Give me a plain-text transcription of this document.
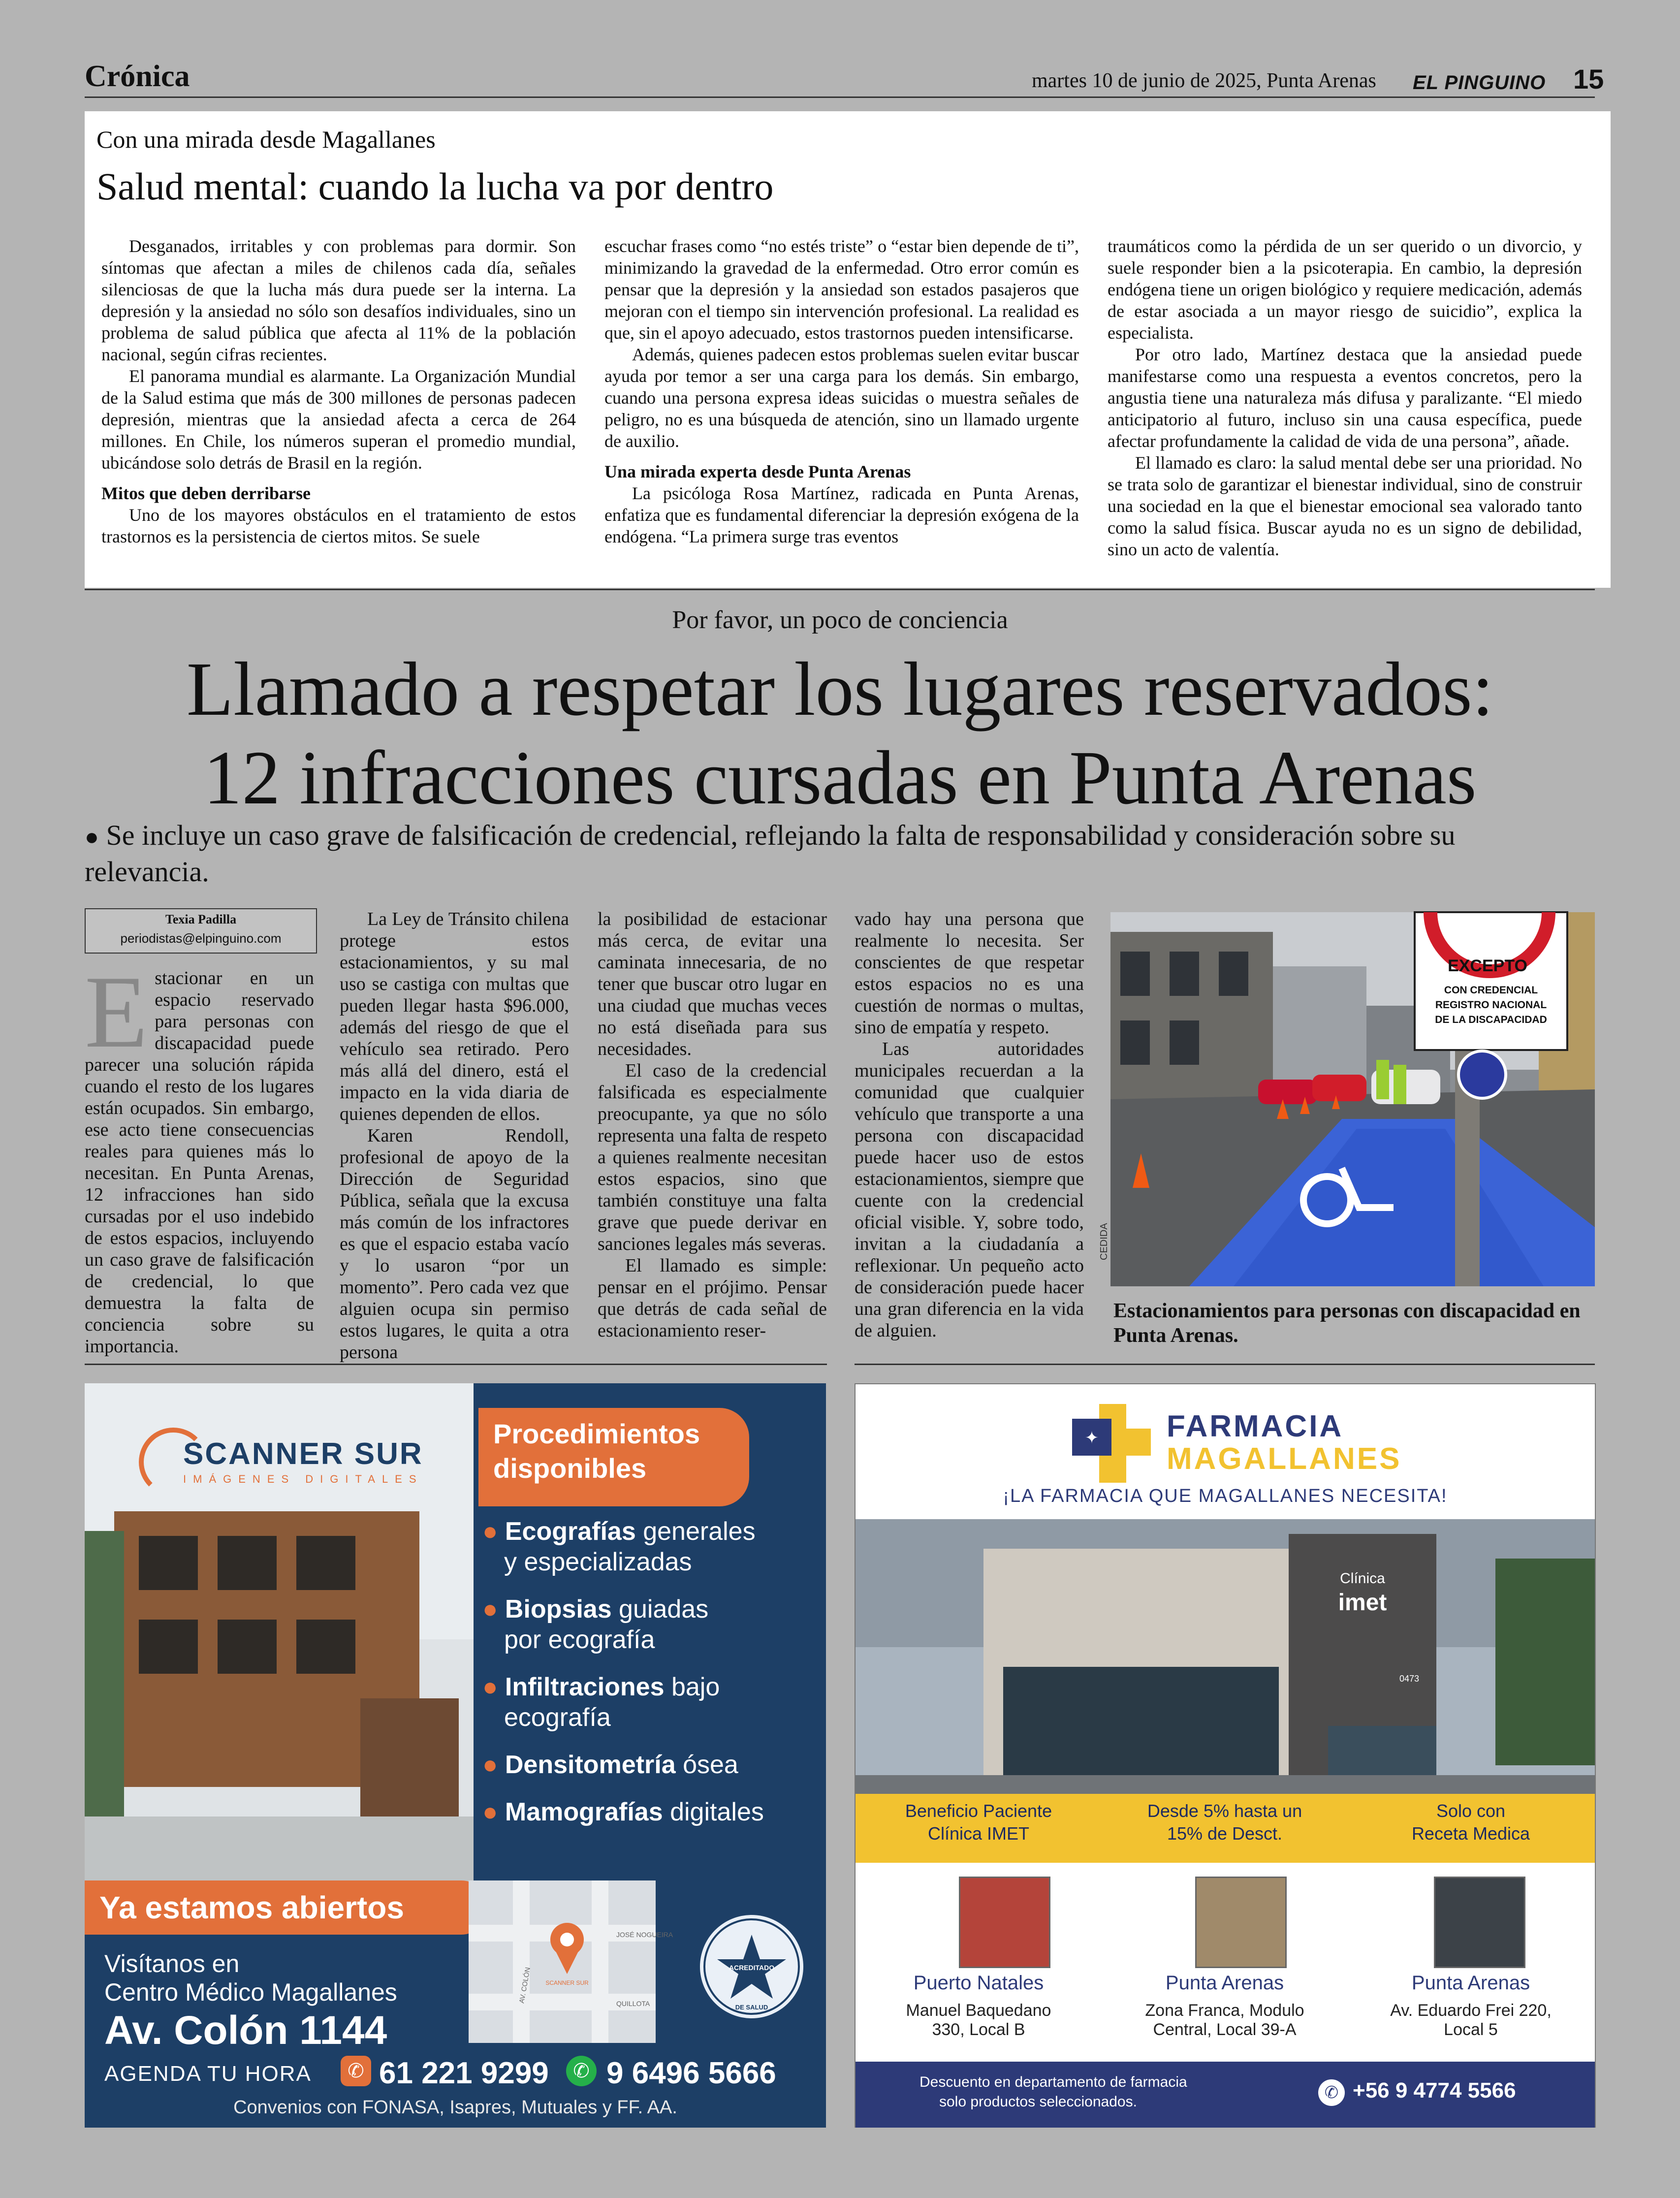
Crónica	martes 10 de junio de 2025, Punta Arenas EL PINGUINO 15
Con una mirada desde Magallanes
Salud mental: cuando la lucha va por dentro

Desganados, irritables y con problemas para dormir. Son síntomas que afectan a miles de chilenos cada día, señales silenciosas de que la lucha más dura puede ser la interna. La depresión y la ansiedad no sólo son desafíos individuales, sino un problema de salud pública que afecta al 11% de la población nacional, según cifras recientes.

El panorama mundial es alarmante. La Organización Mundial de la Salud estima que más de 300 millones de personas padecen depresión, mientras que la ansiedad afecta a cerca de 264 millones. En Chile, los números superan el promedio mundial, ubicándose solo detrás de Brasil en la región.

Mitos que deben derribarse

Uno de los mayores obstáculos en el tratamiento de estos trastornos es la persistencia de ciertos mitos. Se suele

escuchar frases como “no estés triste” o “estar bien depende de ti”, minimizando la gravedad de la enfermedad. Otro error común es pensar que la depresión y la ansiedad son estados pasajeros que mejoran con el tiempo sin intervención profesional. La realidad es que, sin el apoyo adecuado, estos trastornos pueden intensificarse.

Además, quienes padecen estos problemas suelen evitar buscar ayuda por temor a ser una carga para los demás. Sin embargo, cuando una persona expresa ideas suicidas o muestra señales de peligro, no es una búsqueda de atención, sino un llamado urgente de auxilio.

Una mirada experta desde Punta Arenas

La psicóloga Rosa Martínez, radicada en Punta Arenas, enfatiza que es fundamental diferenciar la depresión exógena de la endógena. “La primera surge tras eventos

traumáticos como la pérdida de un ser querido o un divorcio, y suele responder bien a la psicoterapia. En cambio, la depresión endógena tiene un origen biológico y requiere medicación, además de estar asociada a un mayor riesgo de suicidio”, explica la especialista.

Por otro lado, Martínez destaca que la ansiedad puede manifestarse como una respuesta a eventos concretos, pero la angustia tiene una naturaleza más difusa y paralizante. “El miedo anticipatorio al futuro, incluso sin una causa específica, puede afectar profundamente la calidad de vida de una persona”, añade.

El llamado es claro: la salud mental debe ser una prioridad. No se trata solo de garantizar el bienestar individual, sino de construir una sociedad en la que el bienestar emocional sea valorado tanto como la salud física. Buscar ayuda no es un signo de debilidad, sino un acto de valentía.

Por favor, un poco de conciencia
Llamado a respetar los lugares reservados:
12 infracciones cursadas en Punta Arenas
● Se incluye un caso grave de falsificación de credencial, reflejando la falta de responsabilidad y consideración sobre su relevancia.
Texia Padilla
periodistas@elpinguino.com
E stacionar en un espacio reservado para personas con discapacidad puede parecer una solución rápida cuando el resto de los lugares están ocupados. Sin embargo, ese acto tiene consecuencias reales para quienes más lo necesitan. En Punta Arenas, 12 infracciones han sido cursadas por el uso indebido de estos espacios, incluyendo un caso grave de falsificación de credencial, lo que demuestra la falta de conciencia sobre su importancia.

La Ley de Tránsito chilena protege estos estacionamientos, y su mal uso se castiga con multas que pueden llegar hasta $96.000, además del riesgo de que el vehículo sea retirado. Pero más allá del dinero, está el impacto en la vida diaria de quienes dependen de ellos.

Karen Rendoll, profesional de apoyo de la Dirección de Seguridad Pública, señala que la excusa más común de los infractores es que el espacio estaba vacío y lo usaron “por un momento”. Pero cada vez que alguien ocupa sin permiso estos lugares, le quita a otra persona

la posibilidad de estacionar más cerca, de evitar una caminata innecesaria, de no tener que buscar otro lugar en una ciudad que muchas veces no está diseñada para sus necesidades.

El caso de la credencial falsificada es especialmente preocupante, ya que no sólo representa una falta de respeto a quienes realmente necesitan estos espacios, sino que también constituye una falta grave que puede derivar en sanciones legales más severas.

El llamado es simple: pensar en el prójimo. Pensar que detrás de cada señal de estacionamiento reser-

vado hay una persona que realmente lo necesita. Ser conscientes de que respetar estos espacios no es una cuestión de normas o multas, sino de empatía y respeto.

Las autoridades municipales recuerdan a la comunidad que cualquier vehículo que transporte a una persona con discapacidad puede hacer uso de estos estacionamientos, siempre que cuente con la credencial oficial visible. Y, sobre todo, invitan a la ciudadanía a reflexionar. Un pequeño acto de consideración puede hacer una gran diferencia en la vida de alguien.

EXCEPTO
CON CREDENCIAL
REGISTRO NACIONAL
DE LA DISCAPACIDAD
CEDIDA
Estacionamientos para personas con discapacidad en Punta Arenas.
SCANNER SUR
IMÁGENES DIGITALES
Procedimientos
disponibles
● Ecografías generales
y especializadas
● Biopsias guiadas
por ecografía
● Infiltraciones bajo
ecografía
● Densitometría ósea
● Mamografías digitales
Ya estamos abiertos
Visítanos en
Centro Médico Magallanes
Av. Colón 1144
JOSÉ NOGUEIRA
QUILLOTA
AV. COLÓN SCANNER SUR
ACREDITADO
DE SALUD
AGENDA TU HORA	✆ 61 221 9299	✆ 9 6496 5666
Convenios con FONASA, Isapres, Mutuales y FF. AA.
✦ FARMACIA
MAGALLANES
¡LA FARMACIA QUE MAGALLANES NECESITA!
Clínica
imet
0473
Beneficio Paciente
Clínica IMET
Desde 5% hasta un
15% de Desct.
Solo con
Receta Medica
Puerto Natales
Manuel Baquedano
330, Local B
Punta Arenas
Zona Franca, Modulo
Central, Local 39-A
Punta Arenas
Av. Eduardo Frei 220,
Local 5
Descuento en departamento de farmacia
solo productos seleccionados.	✆ +56 9 4774 5566
